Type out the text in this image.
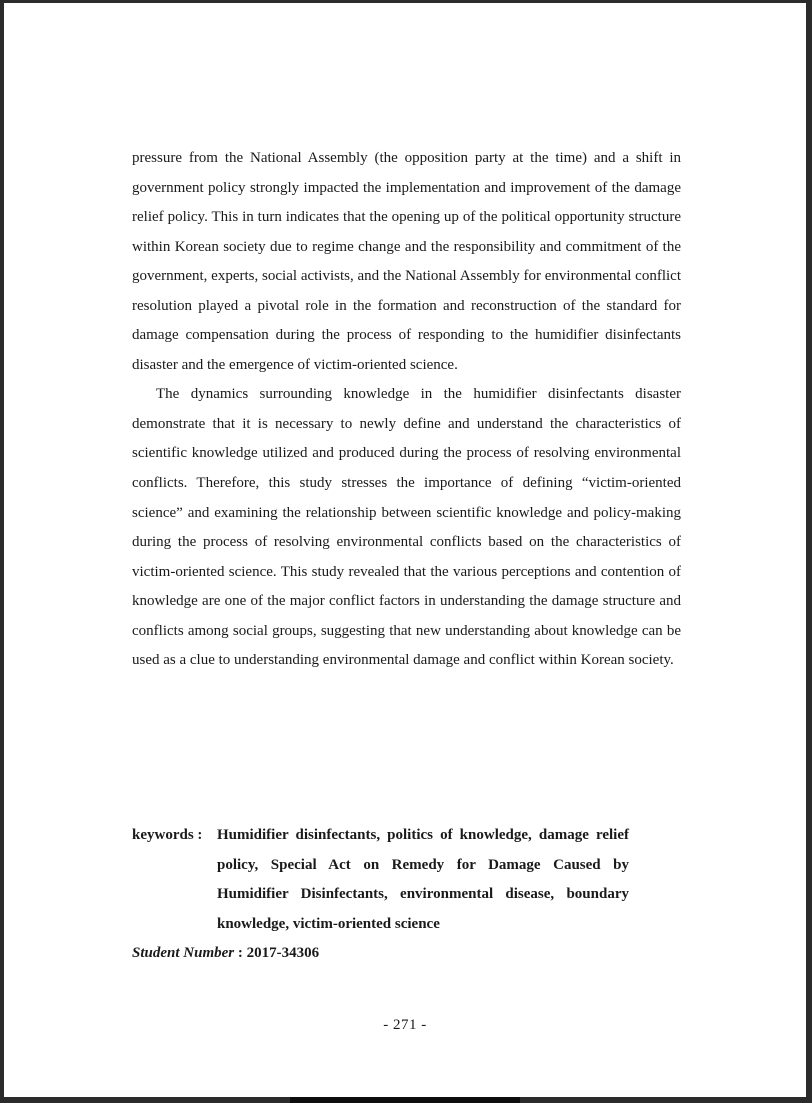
pressure from the National Assembly (the opposition party at the time) and a shift in government policy strongly impacted the implementation and improvement of the damage relief policy. This in turn indicates that the opening up of the political opportunity structure within Korean society due to regime change and the responsibility and commitment of the government, experts, social activists, and the National Assembly for environmental conflict resolution played a pivotal role in the formation and reconstruction of the standard for damage compensation during the process of responding to the humidifier disinfectants disaster and the emergence of victim-oriented science.

The dynamics surrounding knowledge in the humidifier disinfectants disaster demonstrate that it is necessary to newly define and understand the characteristics of scientific knowledge utilized and produced during the process of resolving environmental conflicts. Therefore, this study stresses the importance of defining “victim-oriented science” and examining the relationship between scientific knowledge and policy-making during the process of resolving environmental conflicts based on the characteristics of victim-oriented science. This study revealed that the various perceptions and contention of knowledge are one of the major conflict factors in understanding the damage structure and conflicts among social groups, suggesting that new understanding about knowledge can be used as a clue to understanding environmental damage and conflict within Korean society.

keywords : Humidifier disinfectants, politics of knowledge, damage relief policy, Special Act on Remedy for Damage Caused by Humidifier Disinfectants, environmental disease, boundary knowledge, victim-oriented science
Student Number : 2017-34306
- 271 -
